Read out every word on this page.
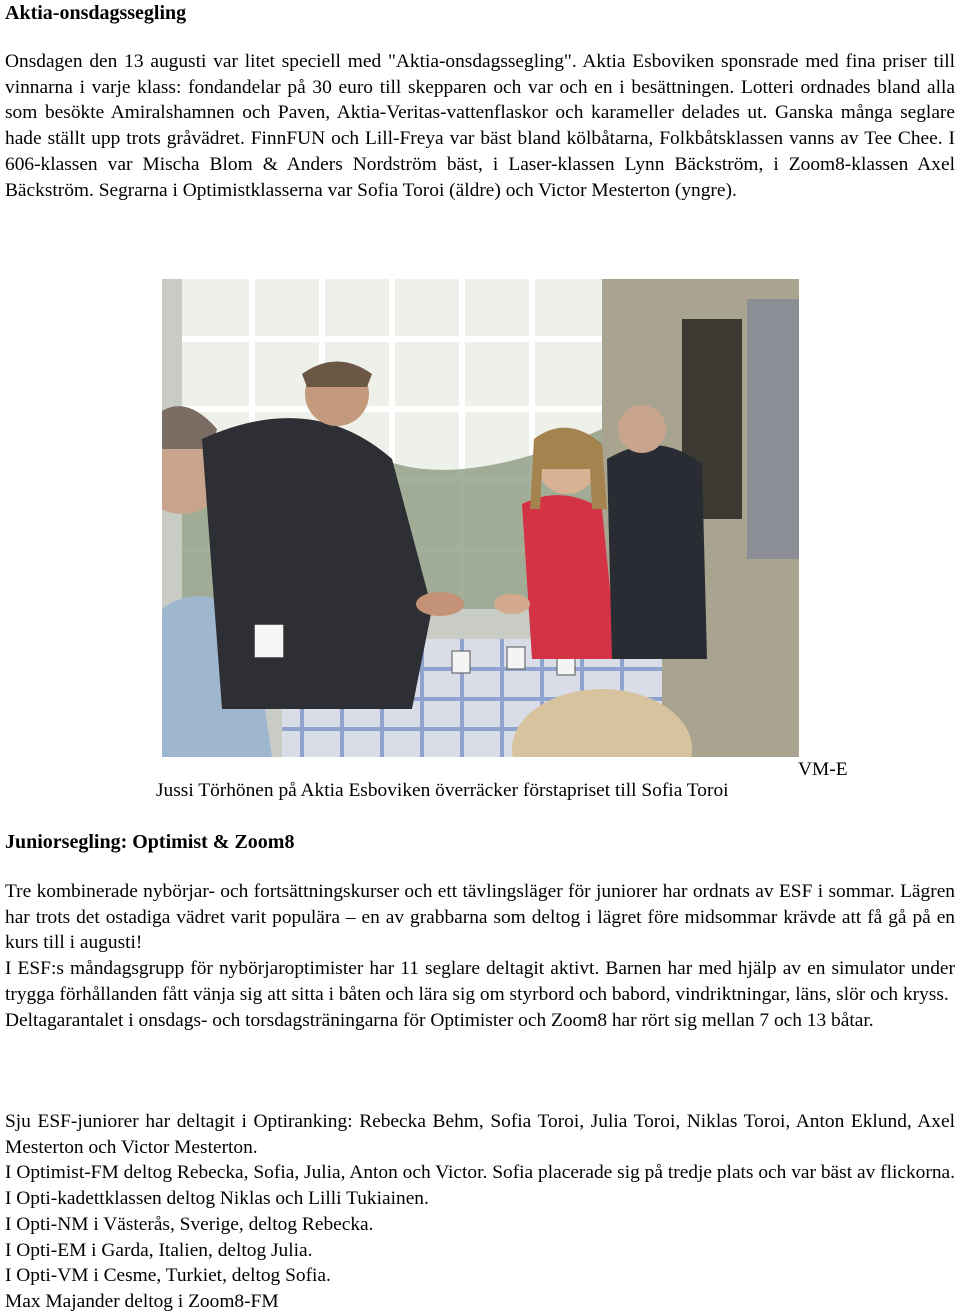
Aktia-onsdagssegling

Onsdagen den 13 augusti var litet speciell med "Aktia-onsdagssegling". Aktia Esboviken sponsrade med fina priser till vinnarna i varje klass: fondandelar på 30 euro till skepparen och var och en i besättningen. Lotteri ordnades bland alla som besökte Amiralshamnen och Paven, Aktia-Veritas-vattenflaskor och karameller delades ut. Ganska många seglare hade ställt upp trots gråvädret. FinnFUN och Lill-Freya var bäst bland kölbåtarna, Folkbåtsklassen vanns av Tee Chee. I 606-klassen var Mischa Blom & Anders Nordström bäst, i Laser-klassen Lynn Bäckström, i Zoom8-klassen Axel Bäckström. Segrarna i Optimistklasserna var Sofia Toroi (äldre) och Victor Mesterton (yngre).

VM-E

Jussi Törhönen på Aktia Esboviken överräcker förstapriset till Sofia Toroi

Juniorsegling: Optimist & Zoom8

Tre kombinerade nybörjar- och fortsättningskurser och ett tävlingsläger för juniorer har ordnats av ESF i sommar. Lägren har trots det ostadiga vädret varit populära – en av grabbarna som deltog i lägret före midsommar krävde att få gå på en kurs till i augusti!

I ESF:s måndagsgrupp för nybörjaroptimister har 11 seglare deltagit aktivt. Barnen har med hjälp av en simulator under trygga förhållanden fått vänja sig att sitta i båten och lära sig om styrbord och babord, vindriktningar, läns, slör och kryss.

Deltagarantalet i onsdags- och torsdagsträningarna för Optimister och Zoom8 har rört sig mellan 7 och 13 båtar.

Sju ESF-juniorer har deltagit i Optiranking: Rebecka Behm, Sofia Toroi, Julia Toroi, Niklas Toroi, Anton Eklund, Axel Mesterton och Victor Mesterton.

I Optimist-FM deltog Rebecka, Sofia, Julia, Anton och Victor. Sofia placerade sig på tredje plats och var bäst av flickorna. I Opti-kadettklassen deltog Niklas och Lilli Tukiainen.

I Opti-NM i Västerås, Sverige, deltog Rebecka.

I Opti-EM i Garda, Italien, deltog Julia.

I Opti-VM i Cesme, Turkiet, deltog Sofia.

Max Majander deltog i Zoom8-FM
